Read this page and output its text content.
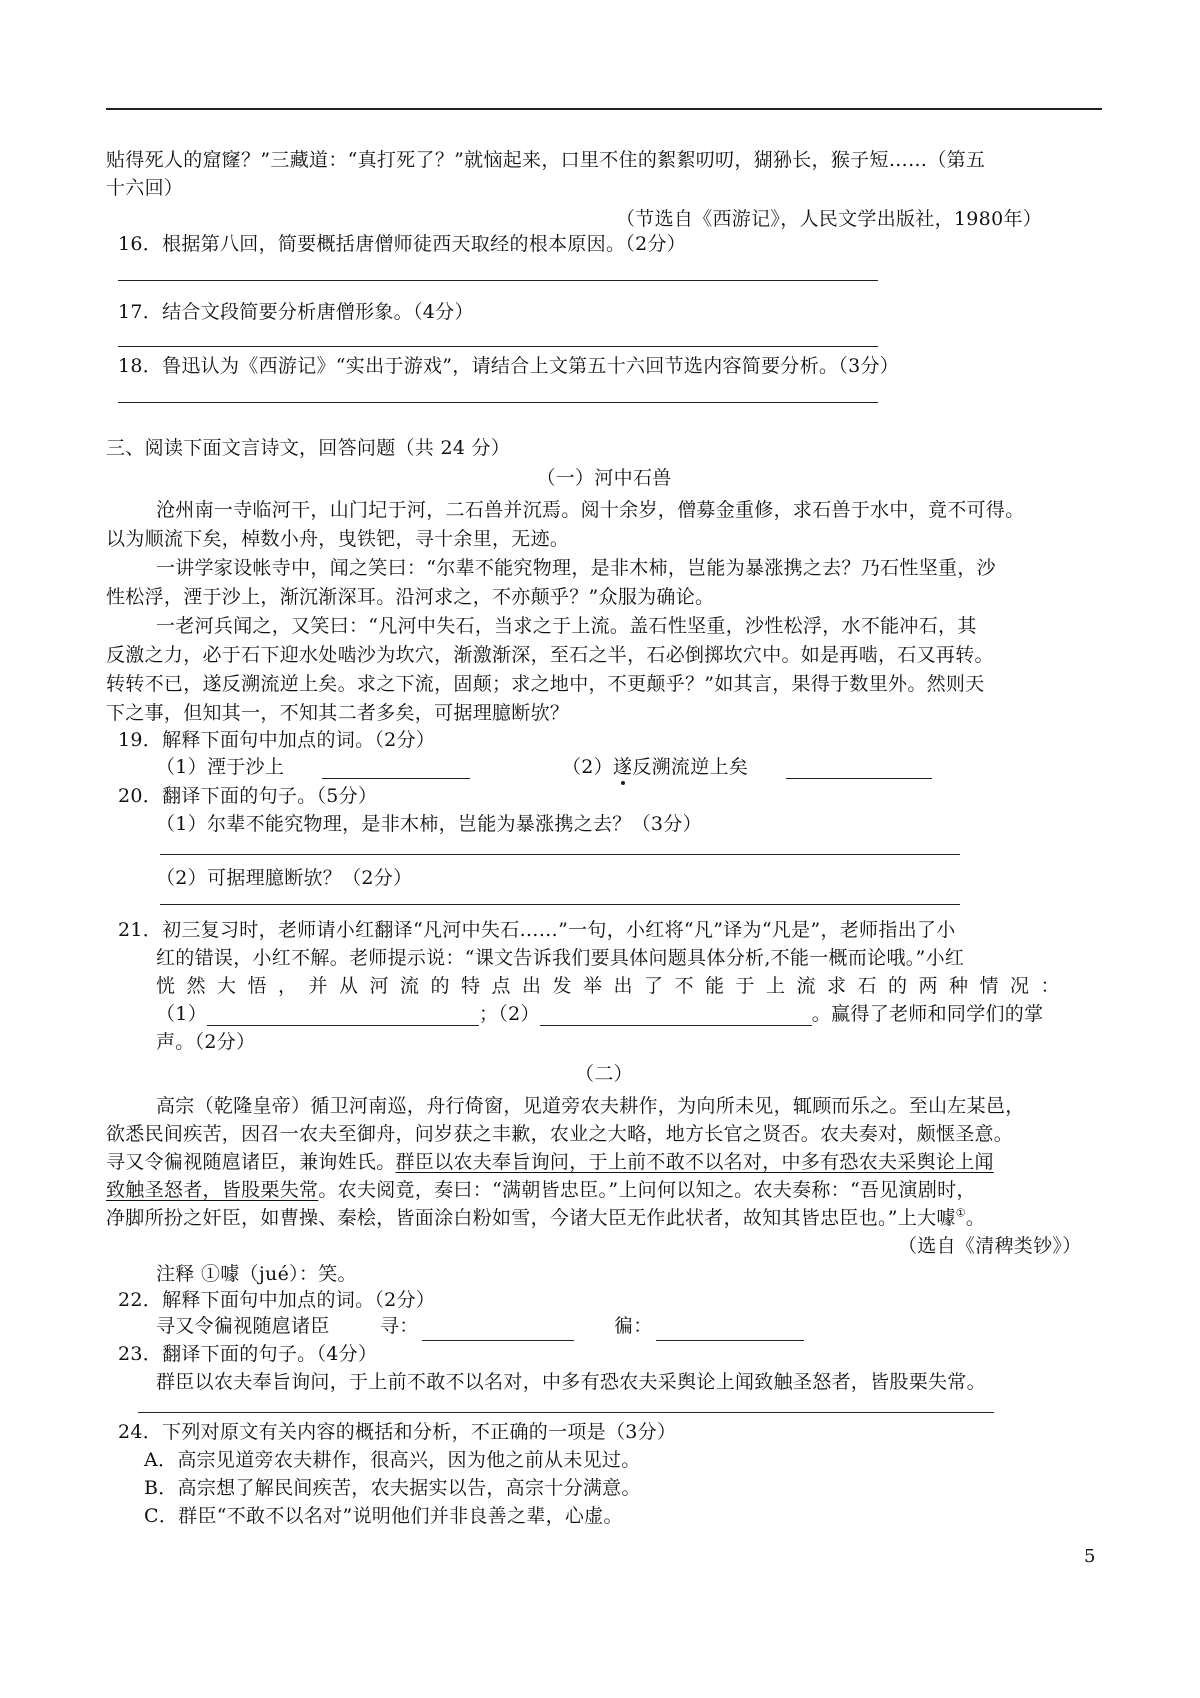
贴得死人的窟窿？”三藏道：“真打死了？”就恼起来，口里不住的絮絮叨叨，猢狲长，猴子短……（第五
十六回）
（节选自《西游记》，人民文学出版社，1980年）
16．根据第八回，简要概括唐僧师徒西天取经的根本原因。（2分）
17．结合文段简要分析唐僧形象。（4分）
18．鲁迅认为《西游记》“实出于游戏”，请结合上文第五十六回节选内容简要分析。（3分）
三、阅读下面文言诗文，回答问题（共 24 分）
（一）河中石兽
沧州南一寺临河干，山门圮于河，二石兽并沉焉。阅十余岁，僧募金重修，求石兽于水中，竟不可得。
以为顺流下矣，棹数小舟，曳铁钯，寻十余里，无迹。
一讲学家设帐寺中，闻之笑曰：“尔辈不能究物理，是非木柿，岂能为暴涨携之去？乃石性坚重，沙
性松浮，湮于沙上，渐沉渐深耳。沿河求之，不亦颠乎？”众服为确论。
一老河兵闻之，又笑曰：“凡河中失石，当求之于上流。盖石性坚重，沙性松浮，水不能冲石，其
反激之力，必于石下迎水处啮沙为坎穴，渐激渐深，至石之半，石必倒掷坎穴中。如是再啮，石又再转。
转转不已，遂反溯流逆上矣。求之下流，固颠；求之地中，不更颠乎？”如其言，果得于数里外。然则天
下之事，但知其一，不知其二者多矣，可据理臆断欤？
19．解释下面句中加点的词。（2分）
（1）湮于沙上	（2）遂反溯流逆上矣
20．翻译下面的句子。（5分）
（1）尔辈不能究物理，是非木柿，岂能为暴涨携之去？（3分）
（2）可据理臆断欤？（2分）
21．初三复习时，老师请小红翻译“凡河中失石……”一句，小红将“凡”译为“凡是”，老师指出了小
红的错误，小红不解。老师提示说：“课文告诉我们要具体问题具体分析,不能一概而论哦。”小红
恍然大悟，并从河流的特点出发举出了不能于上流求石的两种情况：
（1）	；（2）	。赢得了老师和同学们的掌
声。（2分）
（二）
高宗（乾隆皇帝）循卫河南巡，舟行倚窗，见道旁农夫耕作，为向所未见，辄顾而乐之。至山左某邑，
欲悉民间疾苦，因召一农夫至御舟，问岁获之丰歉，农业之大略，地方长官之贤否。农夫奏对，颇惬圣意。
寻又令徧视随扈诸臣，兼询姓氏。群臣以农夫奉旨询问，于上前不敢不以名对，中多有恐农夫采舆论上闻
致触圣怒者，皆股栗失常。农夫阅竟，奏曰：“满朝皆忠臣。”上问何以知之。农夫奏称：“吾见演剧时，
净脚所扮之奸臣，如曹操、秦桧，皆面涂白粉如雪，今诸大臣无作此状者，故知其皆忠臣也。”上大噱①。
（选自《清稗类钞》）
注释 ①噱（jué）：笑。
22．解释下面句中加点的词。（2分）
寻又令徧视随扈诸臣	寻：	徧：
23．翻译下面的句子。（4分）
群臣以农夫奉旨询问，于上前不敢不以名对，中多有恐农夫采舆论上闻致触圣怒者，皆股栗失常。
24．下列对原文有关内容的概括和分析，不正确的一项是（3分）
A．高宗见道旁农夫耕作，很高兴，因为他之前从未见过。
B．高宗想了解民间疾苦，农夫据实以告，高宗十分满意。
C．群臣“不敢不以名对”说明他们并非良善之辈，心虚。
5
